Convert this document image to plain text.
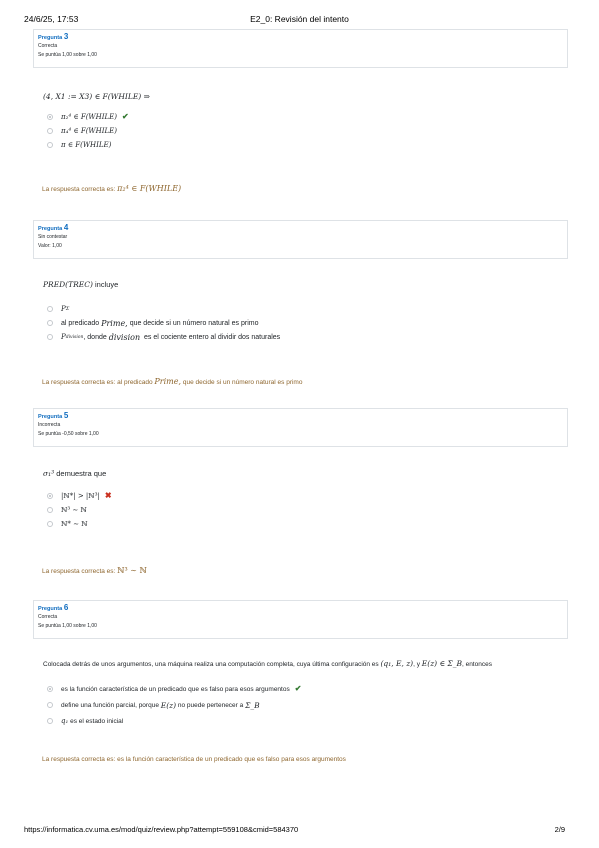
24/6/25, 17:53	E2_0: Revisión del intento
Pregunta 3
Correcta
Se puntúa 1,00 sobre 1,00
(4, X1 := X3) ∈ F(WHILE) ⇒
π₂⁴ ∈ F(WHILE) ✔
π₄⁴ ∈ F(WHILE)
π ∈ F(WHILE)
La respuesta correcta es: π₂⁴ ∈ F(WHILE)
Pregunta 4
Sin contestar
Valor: 1,00
PRED(TREC) incluye
P Σ
al predicado
Prime,
que decide si un número natural es primo
P division , donde
division
es el cociente entero al dividir dos naturales
La respuesta correcta es: al predicado Prime, que decide si un número natural es primo
Pregunta 5
Incorrecta
Se puntúa -0,50 sobre 1,00
σ₁³ demuestra que
|ℕ*| > |ℕ³| ✖
ℕ³ ∼ ℕ
ℕ* ∼ ℕ
La respuesta correcta es: ℕ³ ∼ ℕ
Pregunta 6
Correcta
Se puntúa 1,00 sobre 1,00
Colocada detrás de unos argumentos, una máquina realiza una computación completa, cuya última configuración es (q₁, E, z), y E(z) ∈ Σ_B, entonces
es la función característica de un predicado que es falso para esos argumentos ✔
define una función parcial, porque
E(z)
no puede pertenecer a
Σ_B
q₁
es el estado inicial
La respuesta correcta es: es la función característica de un predicado que es falso para esos argumentos
https://informatica.cv.uma.es/mod/quiz/review.php?attempt=559108&cmid=584370	2/9
